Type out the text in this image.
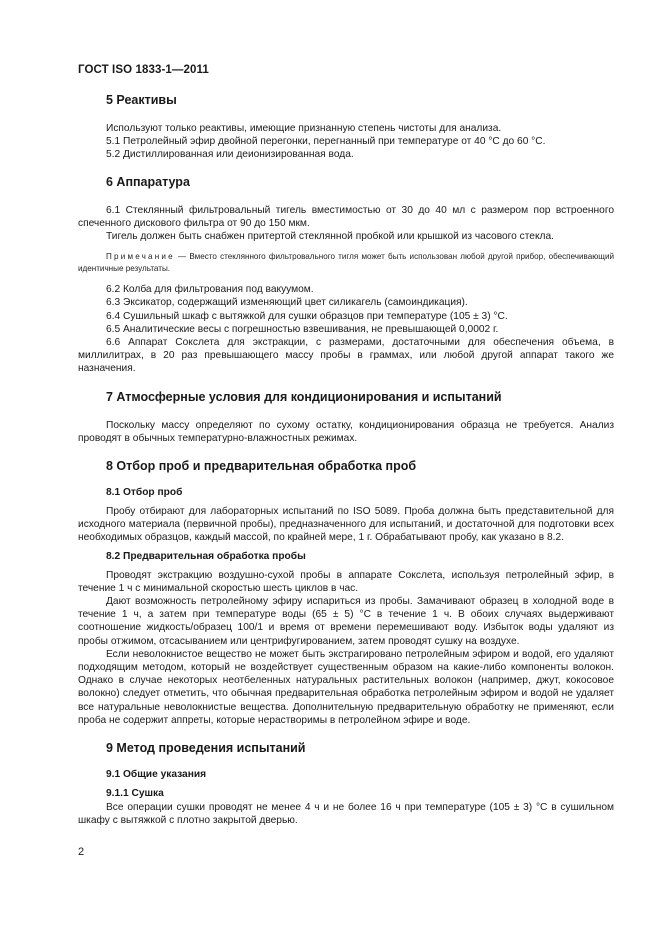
ГОСТ ISO 1833-1—2011
5 Реактивы

Используют только реактивы, имеющие признанную степень чистоты для анализа.

5.1 Петролейный эфир двойной перегонки, перегнанный при температуре от 40 °С до 60 °С.

5.2 Дистиллированная или деионизированная вода.

6 Аппаратура

6.1 Стеклянный фильтровальный тигель вместимостью от 30 до 40 мл с размером пор встроенного спеченного дискового фильтра от 90 до 150 мкм.

Тигель должен быть снабжен притертой стеклянной пробкой или крышкой из часового стекла.

Примечание — Вместо стеклянного фильтровального тигля может быть использован любой другой прибор, обеспечивающий идентичные результаты.

6.2 Колба для фильтрования под вакуумом.

6.3 Эксикатор, содержащий изменяющий цвет силикагель (самоиндикация).

6.4 Сушильный шкаф с вытяжкой для сушки образцов при температуре (105 ± 3) °С.

6.5 Аналитические весы с погрешностью взвешивания, не превышающей 0,0002 г.

6.6 Аппарат Сокслета для экстракции, с размерами, достаточными для обеспечения объема, в миллилитрах, в 20 раз превышающего массу пробы в граммах, или любой другой аппарат такого же назначения.

7 Атмосферные условия для кондиционирования и испытаний

Поскольку массу определяют по сухому остатку, кондиционирования образца не требуется. Анализ проводят в обычных температурно-влажностных режимах.

8 Отбор проб и предварительная обработка проб
8.1 Отбор проб

Пробу отбирают для лабораторных испытаний по ISO 5089. Проба должна быть представительной для исходного материала (первичной пробы), предназначенного для испытаний, и достаточной для подготовки всех необходимых образцов, каждый массой, по крайней мере, 1 г. Обрабатывают пробу, как указано в 8.2.

8.2 Предварительная обработка пробы

Проводят экстракцию воздушно-сухой пробы в аппарате Сокслета, используя петролейный эфир, в течение 1 ч с минимальной скоростью шесть циклов в час.

Дают возможность петролейному эфиру испариться из пробы. Замачивают образец в холодной воде в течение 1 ч, а затем при температуре воды (65 ± 5) °С в течение 1 ч. В обоих случаях выдерживают соотношение жидкость/образец 100/1 и время от времени перемешивают воду. Избыток воды удаляют из пробы отжимом, отсасыванием или центрифугированием, затем проводят сушку на воздухе.

Если неволокнистое вещество не может быть экстрагировано петролейным эфиром и водой, его удаляют подходящим методом, который не воздействует существенным образом на какие-либо компоненты волокон. Однако в случае некоторых неотбеленных натуральных растительных волокон (например, джут, кокосовое волокно) следует отметить, что обычная предварительная обработка петролейным эфиром и водой не удаляет все натуральные неволокнистые вещества. Дополнительную предварительную обработку не применяют, если проба не содержит аппреты, которые нерастворимы в петролейном эфире и воде.

9 Метод проведения испытаний
9.1 Общие указания
9.1.1 Сушка

Все операции сушки проводят не менее 4 ч и не более 16 ч при температуре (105 ± 3) °С в сушильном шкафу с вытяжкой с плотно закрытой дверью.

2
